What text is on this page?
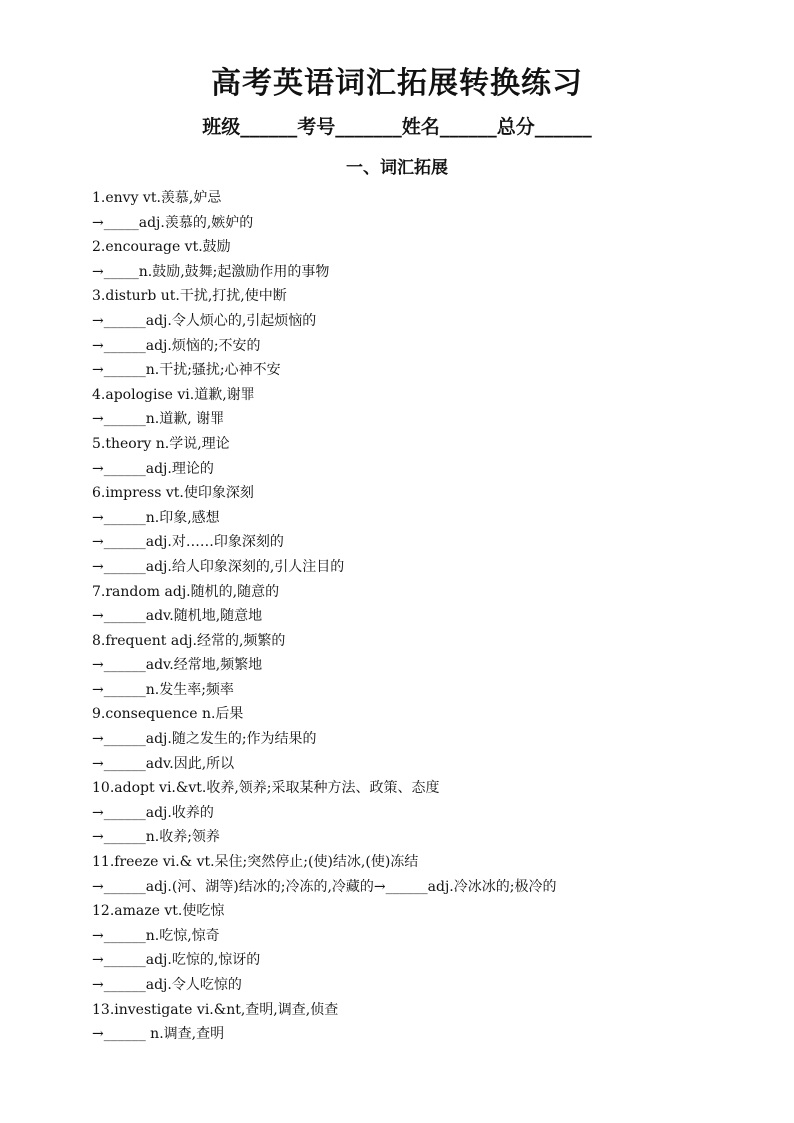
高考英语词汇拓展转换练习
班级______考号_______姓名______总分______
一、词汇拓展
1.envy vt.羡慕,妒忌
→_____adj.羡慕的,嫉妒的
2.encourage vt.鼓励
→_____n.鼓励,鼓舞;起激励作用的事物
3.disturb ut.干扰,打扰,使中断
→______adj.令人烦心的,引起烦恼的
→______adj.烦恼的;不安的
→______n.干扰;骚扰;心神不安
4.apologise vi.道歉,谢罪
→______n.道歉, 谢罪
5.theory n.学说,理论
→______adj.理论的
6.impress vt.使印象深刻
→______n.印象,感想
→______adj.对……印象深刻的
→______adj.给人印象深刻的,引人注目的
7.random adj.随机的,随意的
→______adv.随机地,随意地
8.frequent adj.经常的,频繁的
→______adv.经常地,频繁地
→______n.发生率;频率
9.consequence n.后果
→______adj.随之发生的;作为结果的
→______adv.因此,所以
10.adopt vi.&vt.收养,领养;采取某种方法、政策、态度
→______adj.收养的
→______n.收养;领养
11.freeze vi.& vt.呆住;突然停止;(使)结冰,(使)冻结
→______adj.(河、湖等)结冰的;冷冻的,冷藏的→______adj.冷冰冰的;极冷的
12.amaze vt.使吃惊
→______n.吃惊,惊奇
→______adj.吃惊的,惊讶的
→______adj.令人吃惊的
13.investigate vi.&nt,查明,调查,侦查
→______ n.调查,查明
